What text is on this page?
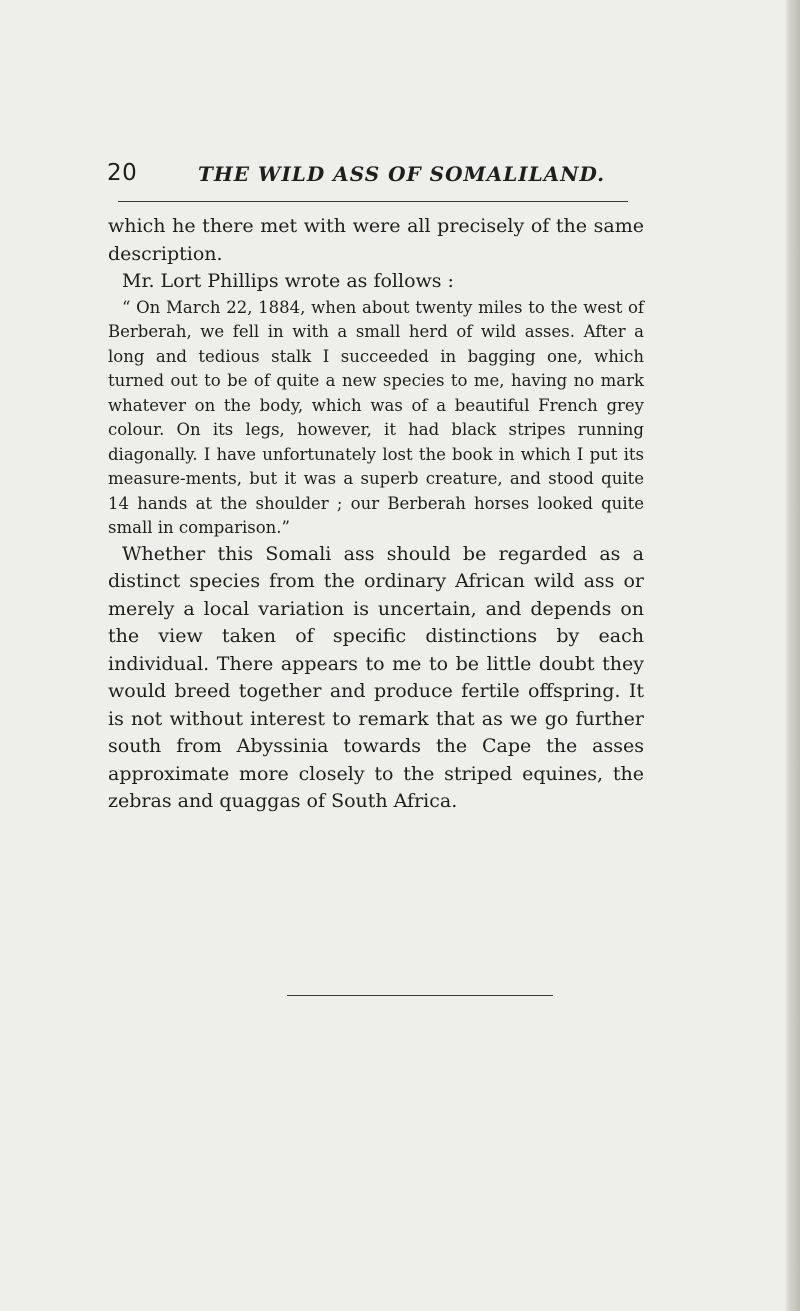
20	THE WILD ASS OF SOMALILAND.

which he there met with were all precisely of the same description.

Mr. Lort Phillips wrote as follows :

“ On March 22, 1884, when about twenty miles to the west of Berberah, we fell in with a small herd of wild asses. After a long and tedious stalk I succeeded in bagging one, which turned out to be of quite a new species to me, having no mark whatever on the body, which was of a beautiful French grey colour. On its legs, however, it had black stripes running diagonally. I have unfortunately lost the book in which I put its measure-ments, but it was a superb creature, and stood quite 14 hands at the shoulder ; our Berberah horses looked quite small in comparison.”

Whether this Somali ass should be regarded as a distinct species from the ordinary African wild ass or merely a local variation is uncertain, and depends on the view taken of specific distinctions by each individual. There appears to me to be little doubt they would breed together and produce fertile offspring. It is not without interest to remark that as we go further south from Abyssinia towards the Cape the asses approximate more closely to the striped equines, the zebras and quaggas of South Africa.
